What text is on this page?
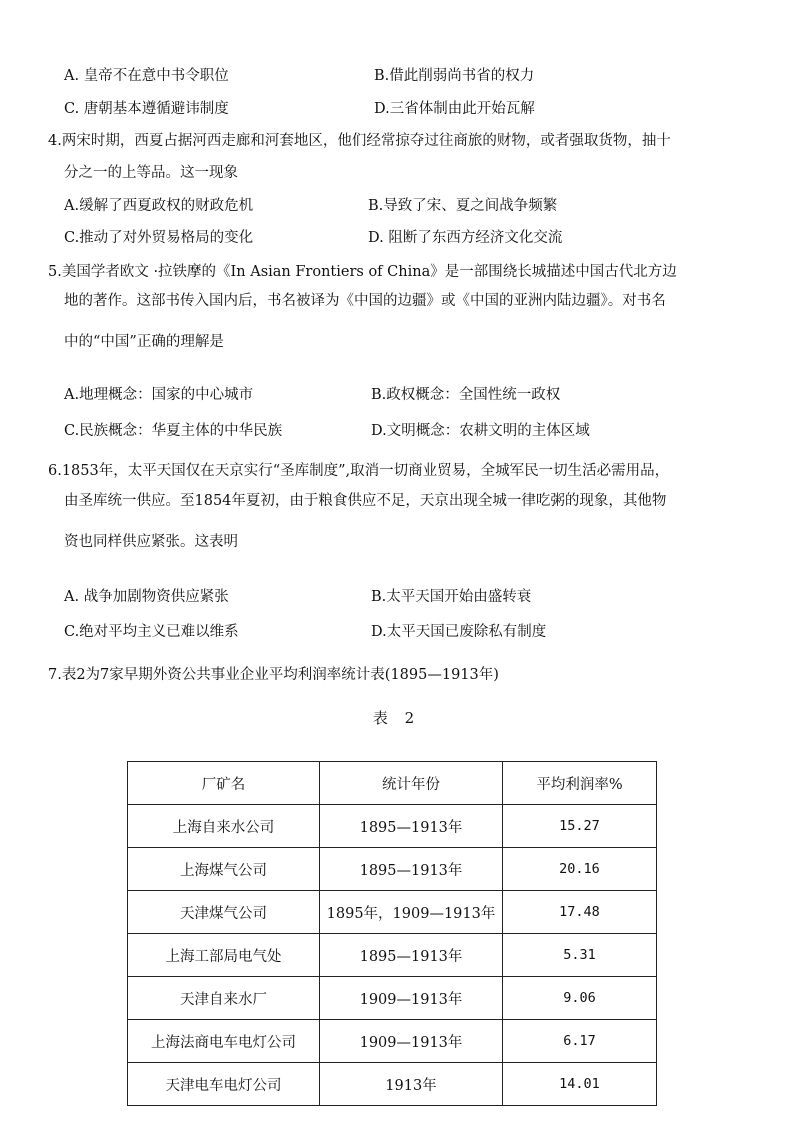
A. 皇帝不在意中书令职位	B.借此削弱尚书省的权力
C. 唐朝基本遵循避讳制度	D.三省体制由此开始瓦解
4.两宋时期，西夏占据河西走廊和河套地区，他们经常掠夺过往商旅的财物，或者强取货物，抽十
分之一的上等品。这一现象
A.缓解了西夏政权的财政危机	B.导致了宋、夏之间战争频繁
C.推动了对外贸易格局的变化	D. 阻断了东西方经济文化交流
5.美国学者欧文 ·拉铁摩的《In Asian Frontiers of China》是一部围绕长城描述中国古代北方边
地的著作。这部书传入国内后，书名被译为《中国的边疆》或《中国的亚洲内陆边疆》。对书名
中的“中国”正确的理解是
A.地理概念：国家的中心城市	B.政权概念：全国性统一政权
C.民族概念：华夏主体的中华民族	D.文明概念：农耕文明的主体区域
6.1853年，太平天国仅在天京实行“圣库制度”,取消一切商业贸易，全城军民一切生活必需用品，
由圣库统一供应。至1854年夏初，由于粮食供应不足，天京出现全城一律吃粥的现象，其他物
资也同样供应紧张。这表明
A. 战争加剧物资供应紧张	B.太平天国开始由盛转衰
C.绝对平均主义已难以维系	D.太平天国已废除私有制度
7.表2为7家早期外资公共事业企业平均利润率统计表(1895—1913年)
表 2
厂矿名	统计年份	平均利润率%
上海自来水公司	1895—1913年	15.27
上海煤气公司	1895—1913年	20.16
天津煤气公司	1895年，1909—1913年	17.48
上海工部局电气处	1895—1913年	5.31
天津自来水厂	1909—1913年	9.06
上海法商电车电灯公司	1909—1913年	6.17
天津电车电灯公司	1913年	14.01
